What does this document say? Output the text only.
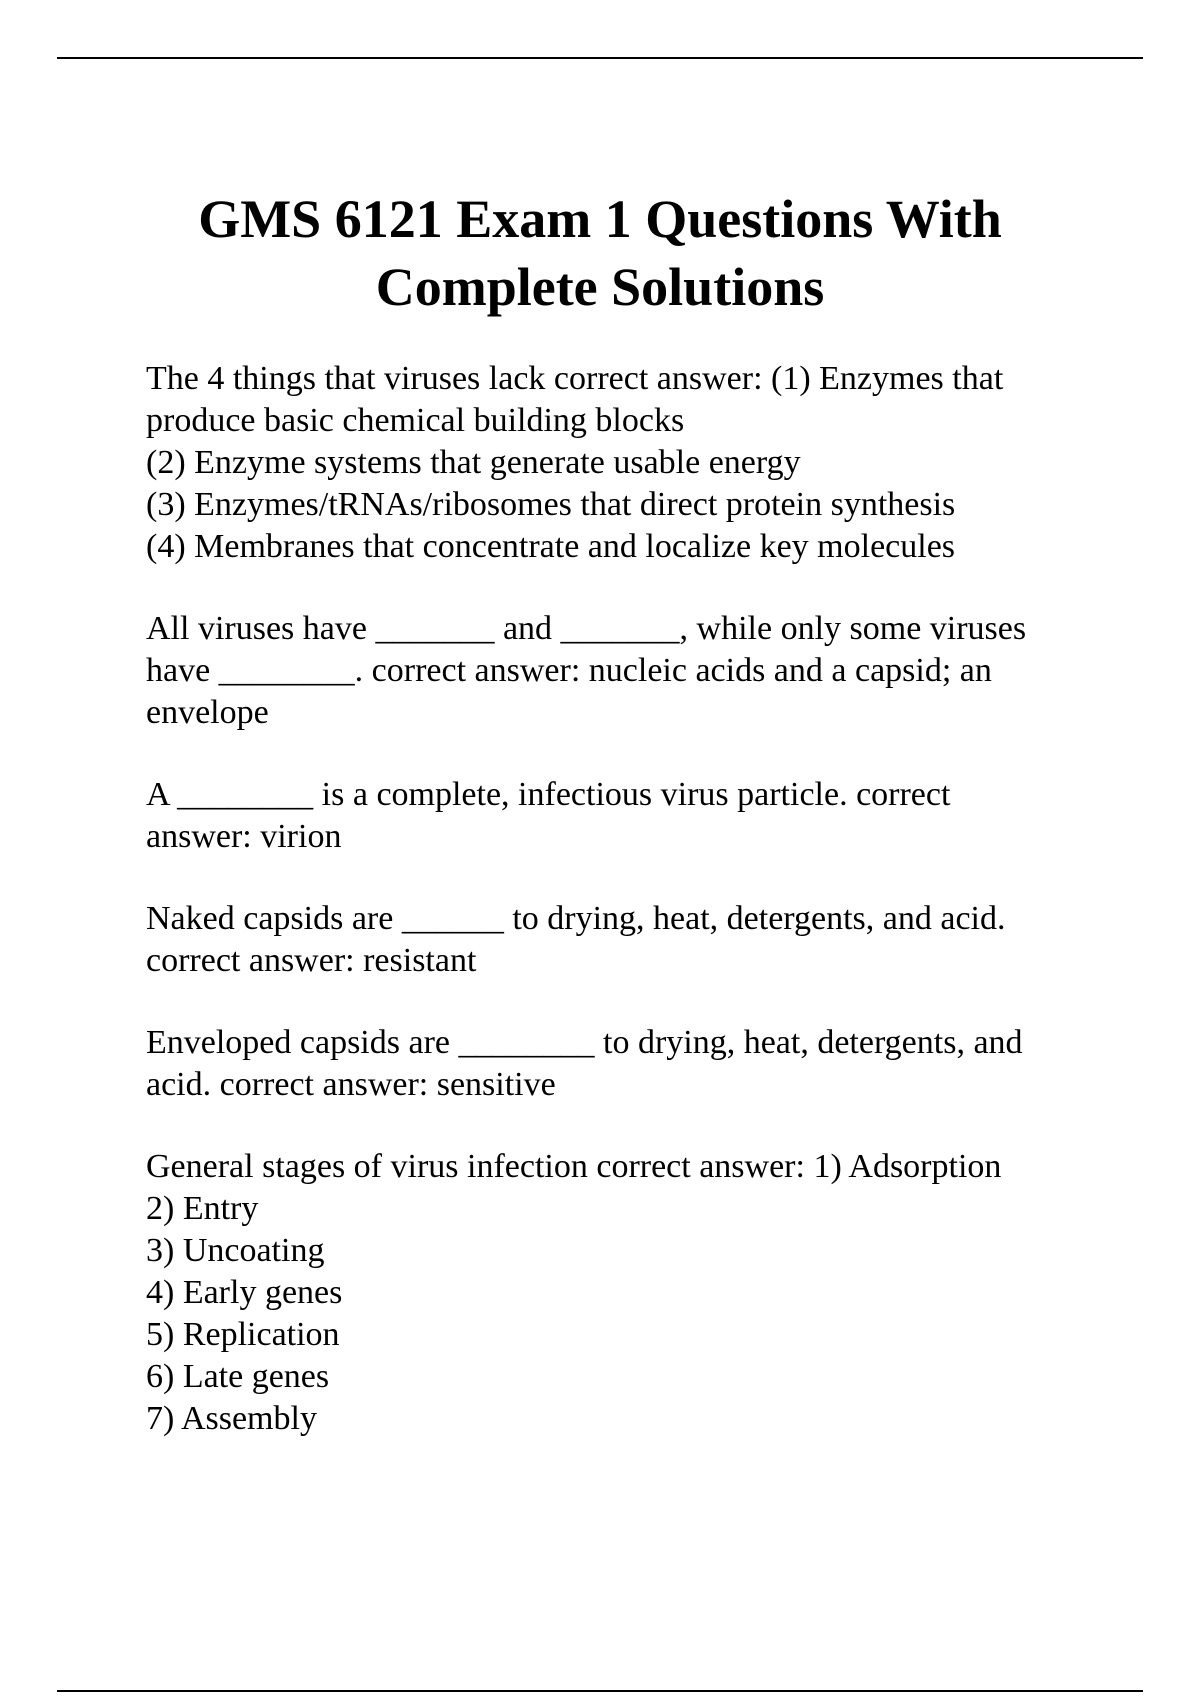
GMS 6121 Exam 1 Questions With
Complete Solutions

The 4 things that viruses lack correct answer: (1) Enzymes that
produce basic chemical building blocks
(2) Enzyme systems that generate usable energy
(3) Enzymes/tRNAs/ribosomes that direct protein synthesis
(4) Membranes that concentrate and localize key molecules

All viruses have _______ and _______, while only some viruses
have ________. correct answer: nucleic acids and a capsid; an
envelope

A ________ is a complete, infectious virus particle. correct
answer: virion

Naked capsids are ______ to drying, heat, detergents, and acid.
correct answer: resistant

Enveloped capsids are ________ to drying, heat, detergents, and
acid. correct answer: sensitive

General stages of virus infection correct answer: 1) Adsorption
2) Entry
3) Uncoating
4) Early genes
5) Replication
6) Late genes
7) Assembly
